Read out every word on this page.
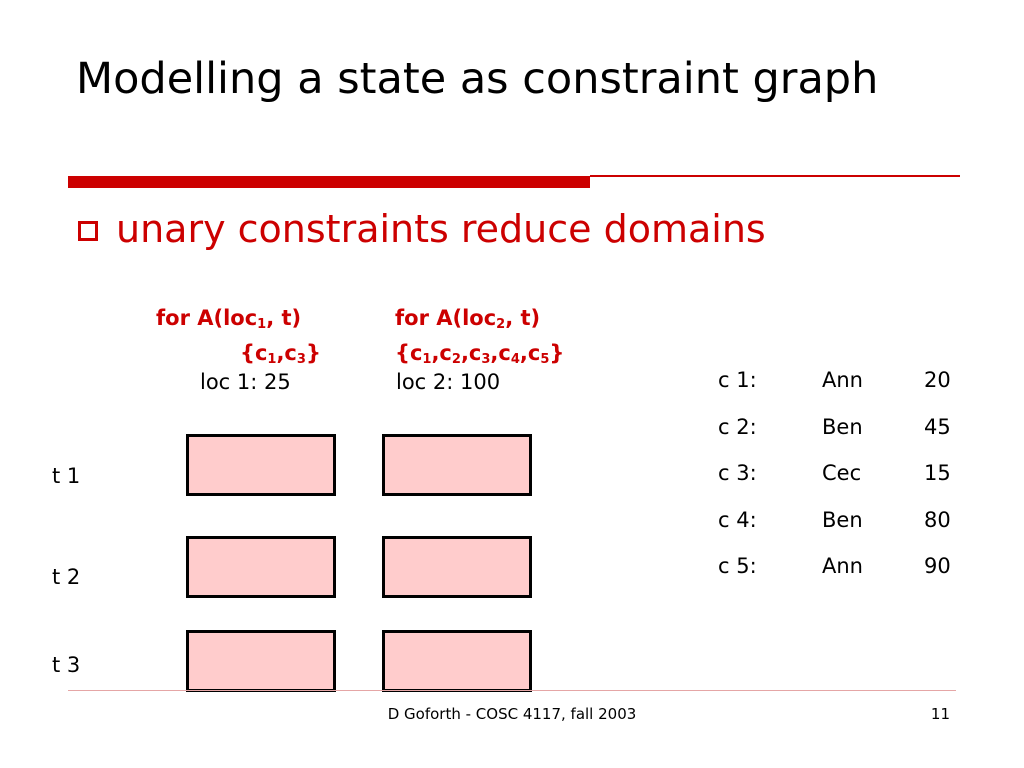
Modelling a state as constraint graph
unary constraints reduce domains
for A(loc$_1$, t)
$\{c_1,c_3\}$
loc 1: 25
for A(loc$_2$, t)
$\{c_1,c_2,c_3,c_4,c_5\}$
loc 2: 100
t 1
t 2
t 3
c 1:	Ann	20
c 2:	Ben	45
c 3:	Cec	15
c 4:	Ben	80
c 5:	Ann	90
D Goforth - COSC 4117, fall 2003	11
